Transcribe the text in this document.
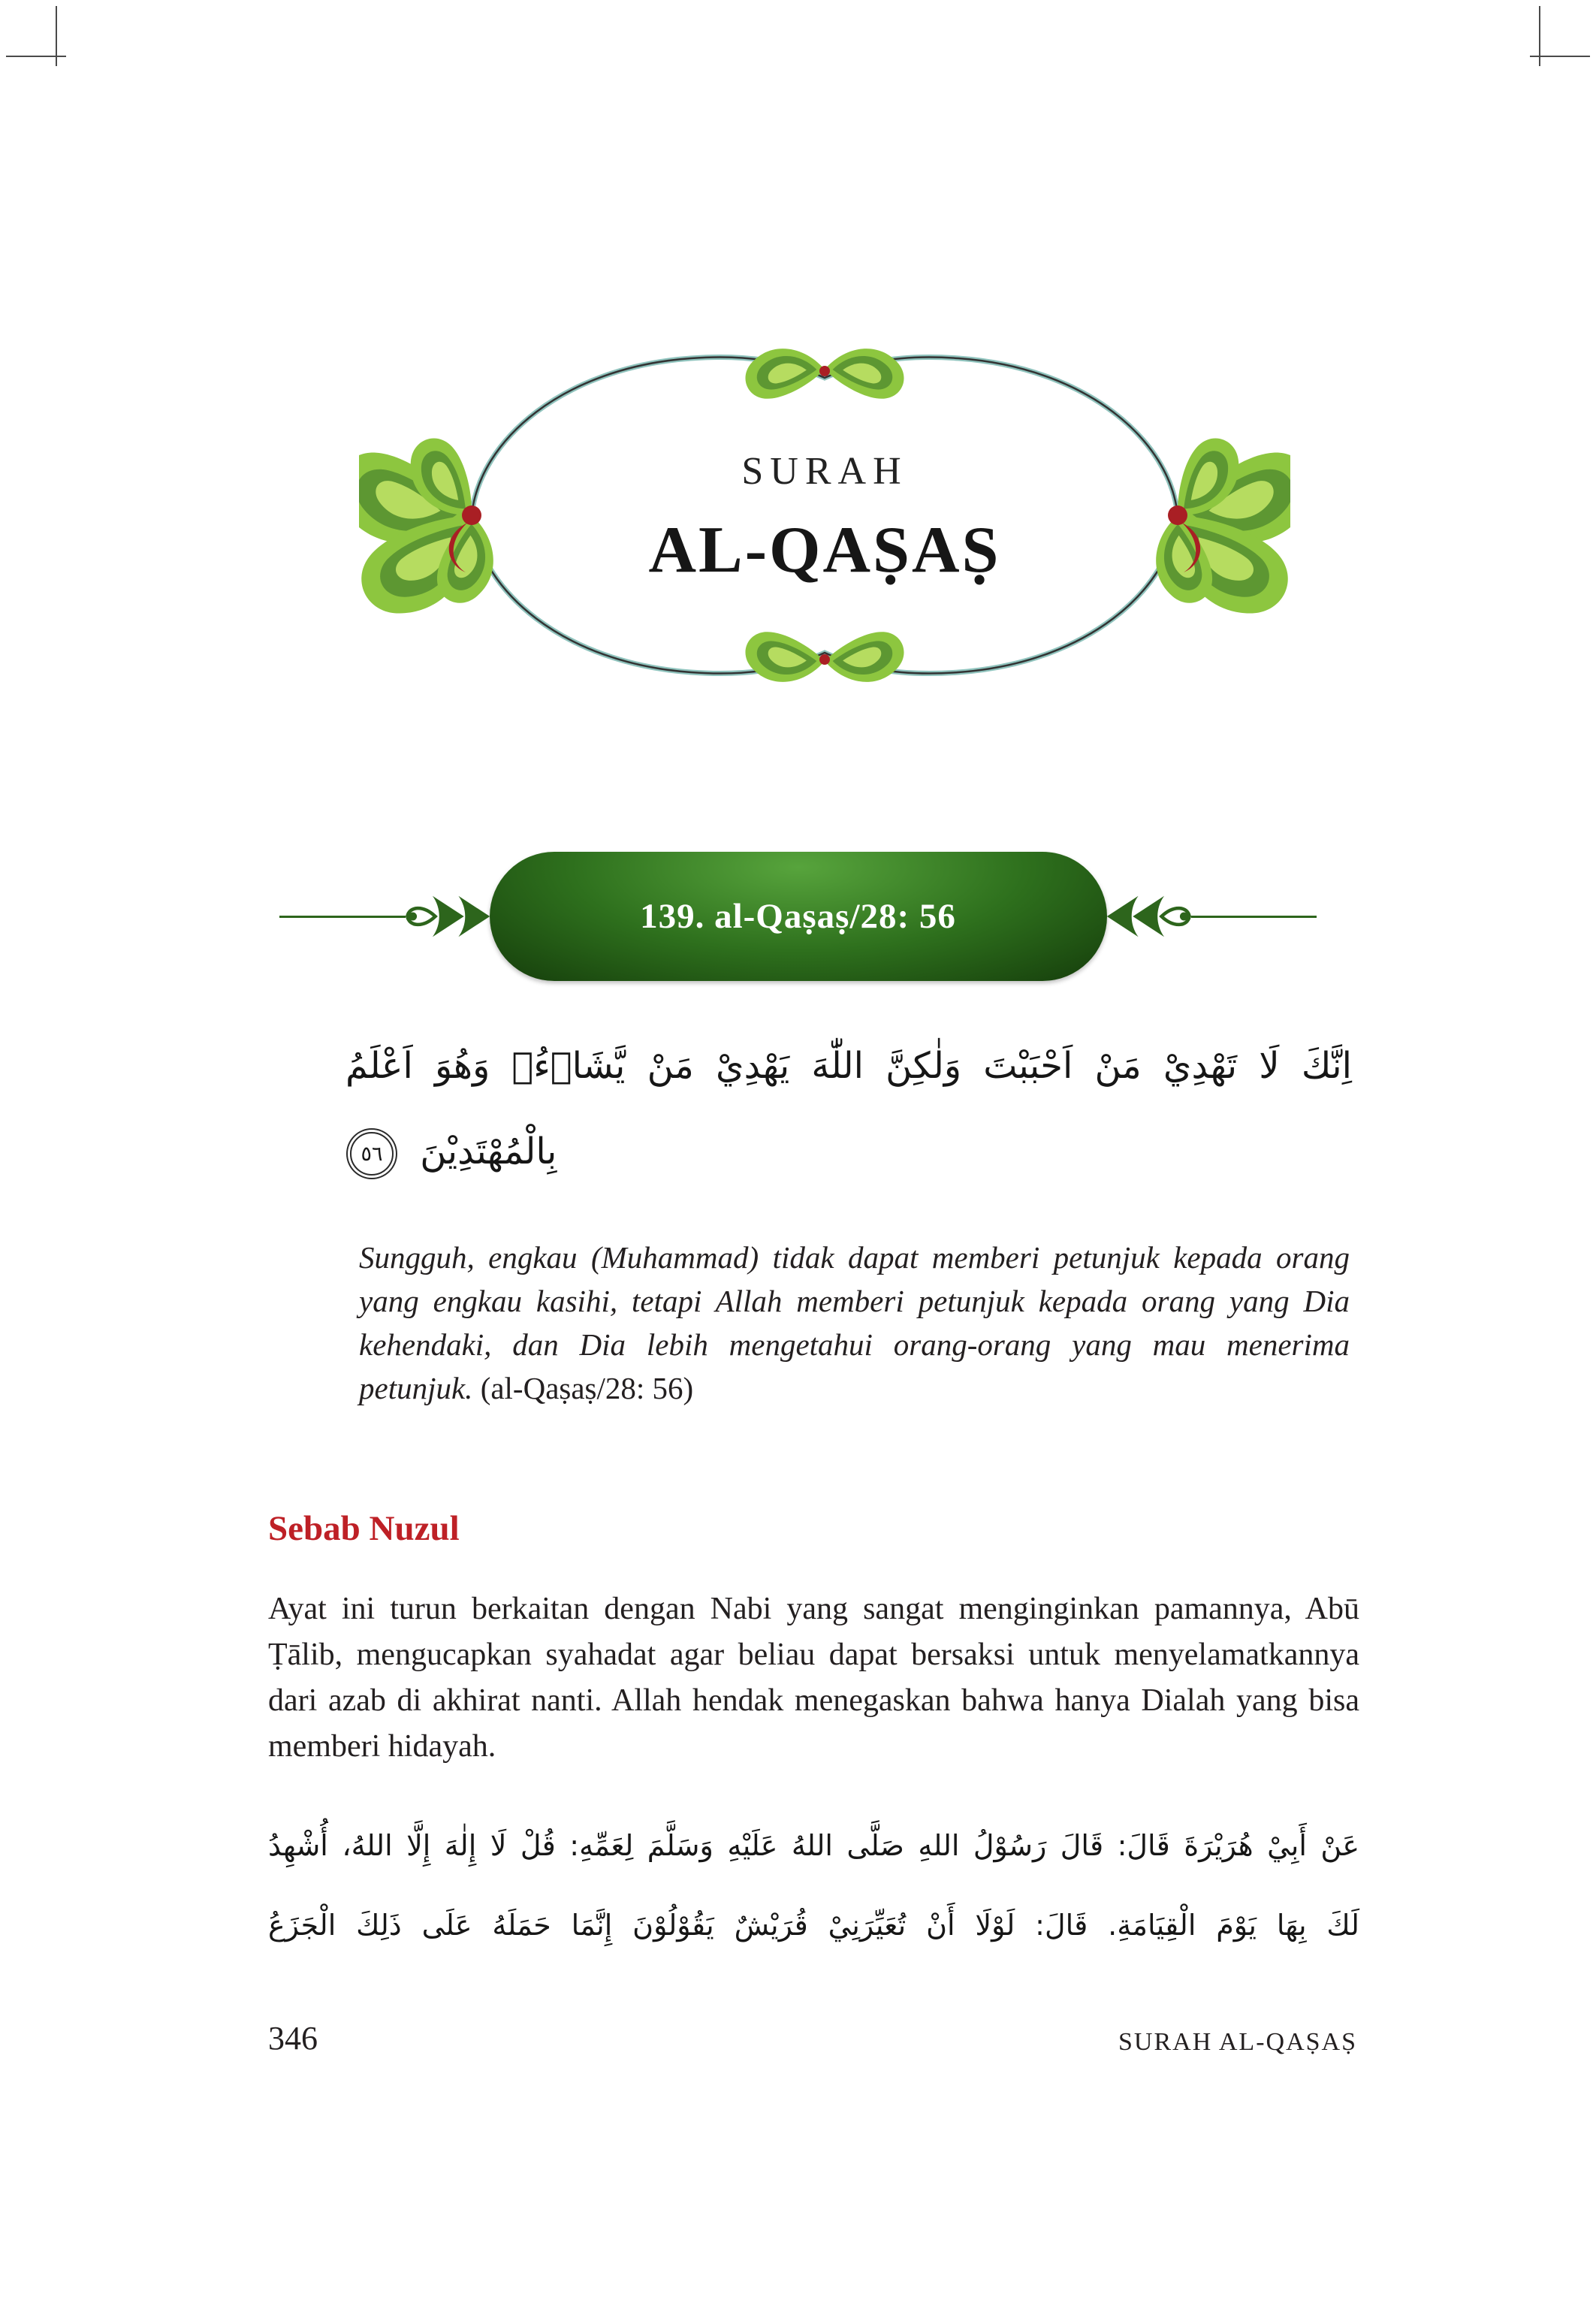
SURAH
AL-QAṢAṢ
139. al-Qaṣaṣ/28: 56
اِنَّكَ لَا تَهْدِيْ مَنْ اَحْبَبْتَ وَلٰكِنَّ اللّٰهَ يَهْدِيْ مَنْ يَّشَاۤءُۚ وَهُوَ اَعْلَمُ
بِالْمُهْتَدِيْنَ
٥٦
Sungguh, engkau (Muhammad) tidak dapat memberi petunjuk kepada orang yang engkau kasihi, tetapi Allah memberi petunjuk kepada orang yang Dia kehendaki, dan Dia lebih mengetahui orang-orang yang mau menerima petunjuk. (al-Qaṣaṣ/28: 56)
Sebab Nuzul

Ayat ini turun berkaitan dengan Nabi yang sangat menginginkan pamannya, Abū Ṭālib, mengucapkan syahadat agar beliau dapat bersaksi untuk menyelamatkannya dari azab di akhirat nanti. Allah hendak menegaskan bahwa hanya Dialah yang bisa memberi hidayah.

عَنْ أَبِيْ هُرَيْرَةَ قَالَ: قَالَ رَسُوْلُ اللهِ صَلَّى اللهُ عَلَيْهِ وَسَلَّمَ لِعَمِّهِ: قُلْ لَا إِلٰهَ إِلَّا اللهُ، أُشْهِدُ
لَكَ بِهَا يَوْمَ الْقِيَامَةِ. قَالَ: لَوْلَا أَنْ تُعَيِّرَنِيْ قُرَيْشٌ يَقُوْلُوْنَ إِنَّمَا حَمَلَهُ عَلَى ذَلِكَ الْجَزَعُ
346	SURAH AL-QAṢAṢ
